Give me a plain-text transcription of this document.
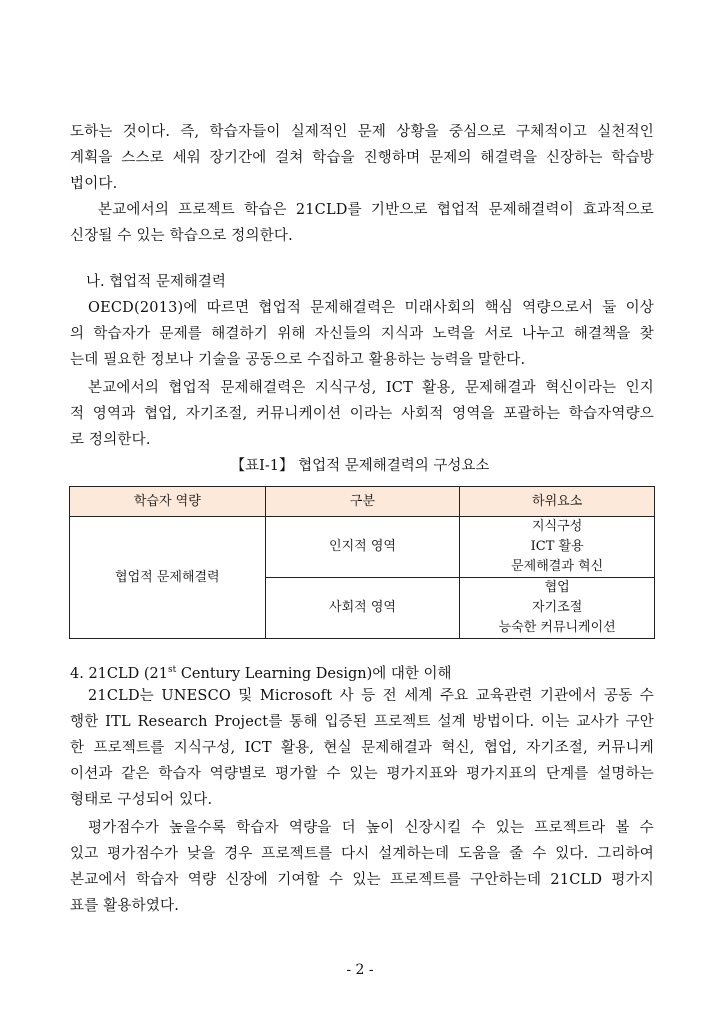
도하는 것이다. 즉, 학습자들이 실제적인 문제 상황을 중심으로 구체적이고 실천적인
계획을 스스로 세워 장기간에 걸쳐 학습을 진행하며 문제의 해결력을 신장하는 학습방
법이다.
본교에서의 프로젝트 학습은 21CLD를 기반으로 협업적 문제해결력이 효과적으로
신장될 수 있는 학습으로 정의한다.
나. 협업적 문제해결력
OECD(2013)에 따르면 협업적 문제해결력은 미래사회의 핵심 역량으로서 둘 이상
의 학습자가 문제를 해결하기 위해 자신들의 지식과 노력을 서로 나누고 해결책을 찾
는데 필요한 정보나 기술을 공동으로 수집하고 활용하는 능력을 말한다.
본교에서의 협업적 문제해결력은 지식구성, ICT 활용, 문제해결과 혁신이라는 인지
적 영역과 협업, 자기조절, 커뮤니케이션 이라는 사회적 영역을 포괄하는 학습자역량으
로 정의한다.
【표Ⅰ-1】 협업적 문제해결력의 구성요소
학습자 역량	구분	하위요소
협업적 문제해결력	인지적 영역	지식구성
ICT 활용
문제해결과 혁신

	사회적 영역	협업
자기조절
능숙한 커뮤니케이션
4. 21CLD (21st Century Learning Design)에 대한 이해
21CLD는 UNESCO 및 Microsoft 사 등 전 세계 주요 교육관련 기관에서 공동 수
행한 ITL Research Project를 통해 입증된 프로젝트 설계 방법이다. 이는 교사가 구안
한 프로젝트를 지식구성, ICT 활용, 현실 문제해결과 혁신, 협업, 자기조절, 커뮤니케
이션과 같은 학습자 역량별로 평가할 수 있는 평가지표와 평가지표의 단계를 설명하는
형태로 구성되어 있다.
평가점수가 높을수록 학습자 역량을 더 높이 신장시킬 수 있는 프로젝트라 볼 수
있고 평가점수가 낮을 경우 프로젝트를 다시 설계하는데 도움을 줄 수 있다. 그리하여
본교에서 학습자 역량 신장에 기여할 수 있는 프로젝트를 구안하는데 21CLD 평가지
표를 활용하였다.
- 2 -
